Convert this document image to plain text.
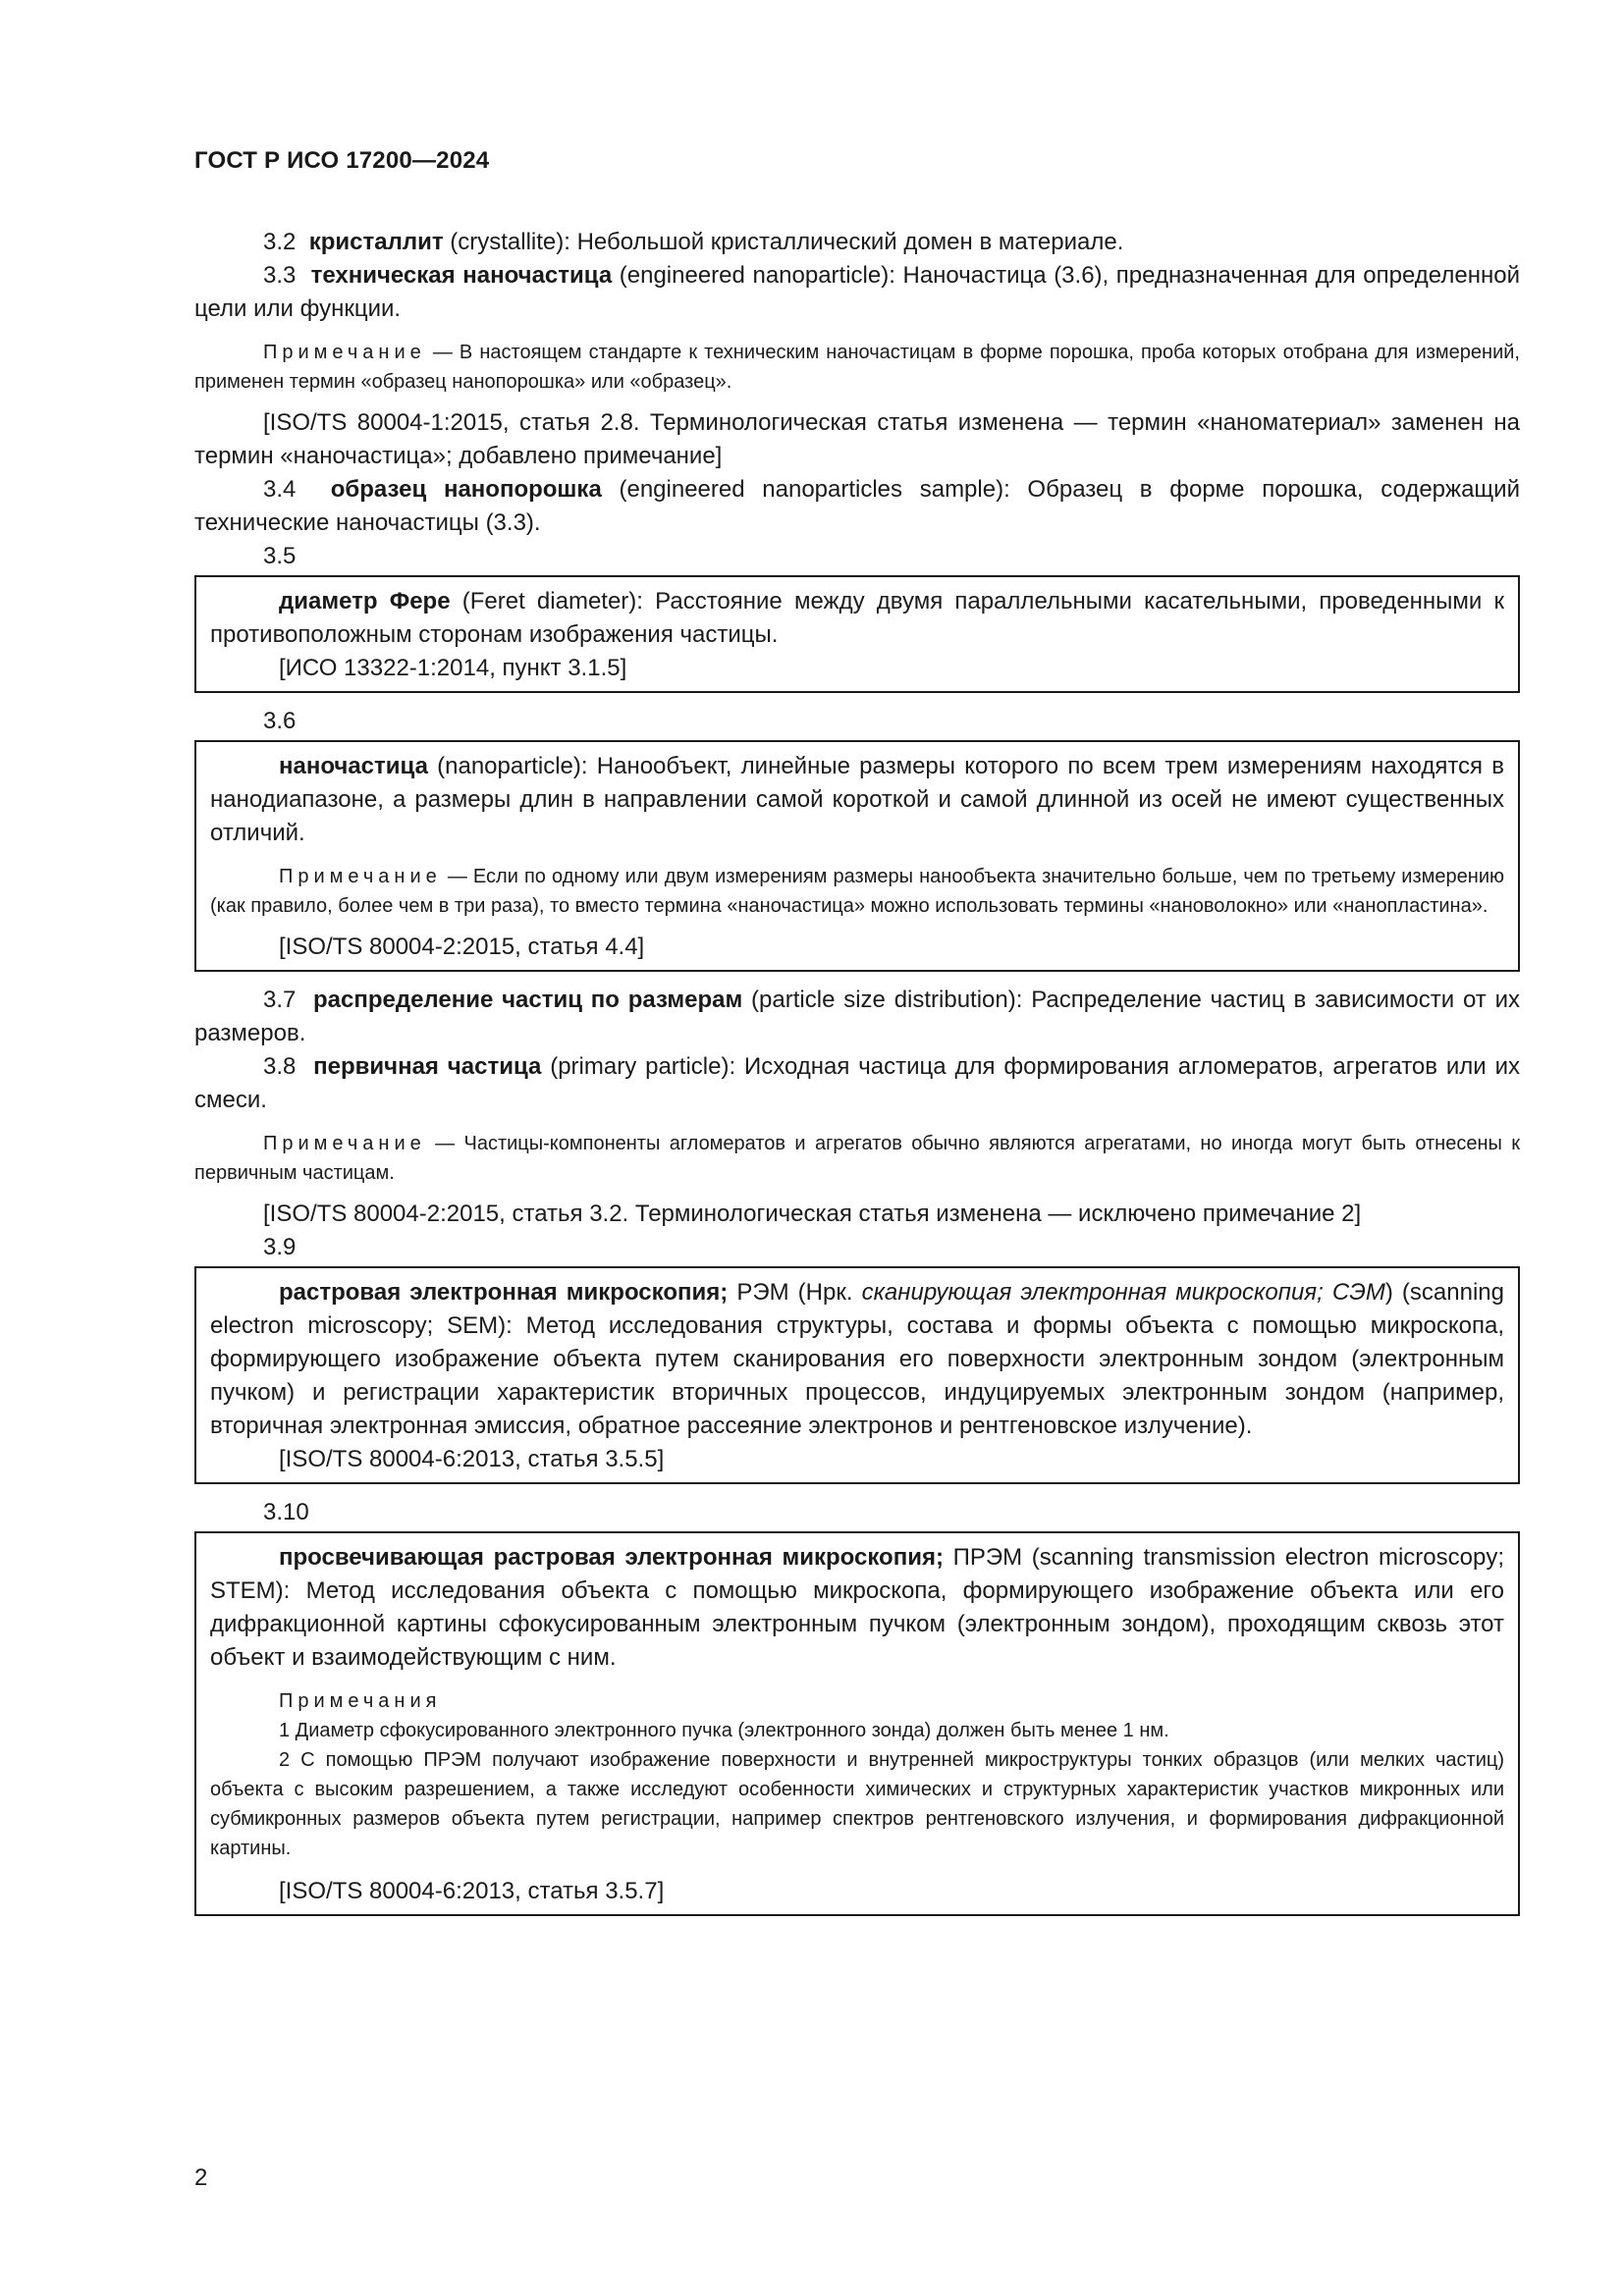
ГОСТ Р ИСО 17200—2024

3.2 кристаллит (crystallite): Небольшой кристаллический домен в материале.

3.3 техническая наночастица (engineered nanoparticle): Наночастица (3.6), предназначенная для определенной цели или функции.

Примечание — В настоящем стандарте к техническим наночастицам в форме порошка, проба которых отобрана для измерений, применен термин «образец нанопорошка» или «образец».

[ISO/TS 80004-1:2015, статья 2.8. Терминологическая статья изменена — термин «наноматериал» заменен на термин «наночастица»; добавлено примечание]

3.4 образец нанопорошка (engineered nanoparticles sample): Образец в форме порошка, содержащий технические наночастицы (3.3).

3.5

диаметр Фере (Feret diameter): Расстояние между двумя параллельными касательными, проведенными к противоположным сторонам изображения частицы.

[ИСО 13322-1:2014, пункт 3.1.5]

3.6

наночастица (nanoparticle): Нанообъект, линейные размеры которого по всем трем измерениям находятся в нанодиапазоне, а размеры длин в направлении самой короткой и самой длинной из осей не имеют существенных отличий.

Примечание — Если по одному или двум измерениям размеры нанообъекта значительно больше, чем по третьему измерению (как правило, более чем в три раза), то вместо термина «наночастица» можно использовать термины «нановолокно» или «нанопластина».

[ISO/TS 80004-2:2015, статья 4.4]

3.7 распределение частиц по размерам (particle size distribution): Распределение частиц в зависимости от их размеров.

3.8 первичная частица (primary particle): Исходная частица для формирования агломератов, агрегатов или их смеси.

Примечание — Частицы-компоненты агломератов и агрегатов обычно являются агрегатами, но иногда могут быть отнесены к первичным частицам.

[ISO/TS 80004-2:2015, статья 3.2. Терминологическая статья изменена — исключено примечание 2]

3.9

растровая электронная микроскопия; РЭМ (Нрк. сканирующая электронная микроскопия; СЭМ) (scanning electron microscopy; SEM): Метод исследования структуры, состава и формы объекта с помощью микроскопа, формирующего изображение объекта путем сканирования его поверхности электронным зондом (электронным пучком) и регистрации характеристик вторичных процессов, индуцируемых электронным зондом (например, вторичная электронная эмиссия, обратное рассеяние электронов и рентгеновское излучение).

[ISO/TS 80004-6:2013, статья 3.5.5]

3.10

просвечивающая растровая электронная микроскопия; ПРЭМ (scanning transmission electron microscopy; STEM): Метод исследования объекта с помощью микроскопа, формирующего изображение объекта или его дифракционной картины сфокусированным электронным пучком (электронным зондом), проходящим сквозь этот объект и взаимодействующим с ним.

Примечания

1 Диаметр сфокусированного электронного пучка (электронного зонда) должен быть менее 1 нм.

2 С помощью ПРЭМ получают изображение поверхности и внутренней микроструктуры тонких образцов (или мелких частиц) объекта с высоким разрешением, а также исследуют особенности химических и структурных характеристик участков микронных или субмикронных размеров объекта путем регистрации, например спектров рентгеновского излучения, и формирования дифракционной картины.

[ISO/TS 80004-6:2013, статья 3.5.7]

2
